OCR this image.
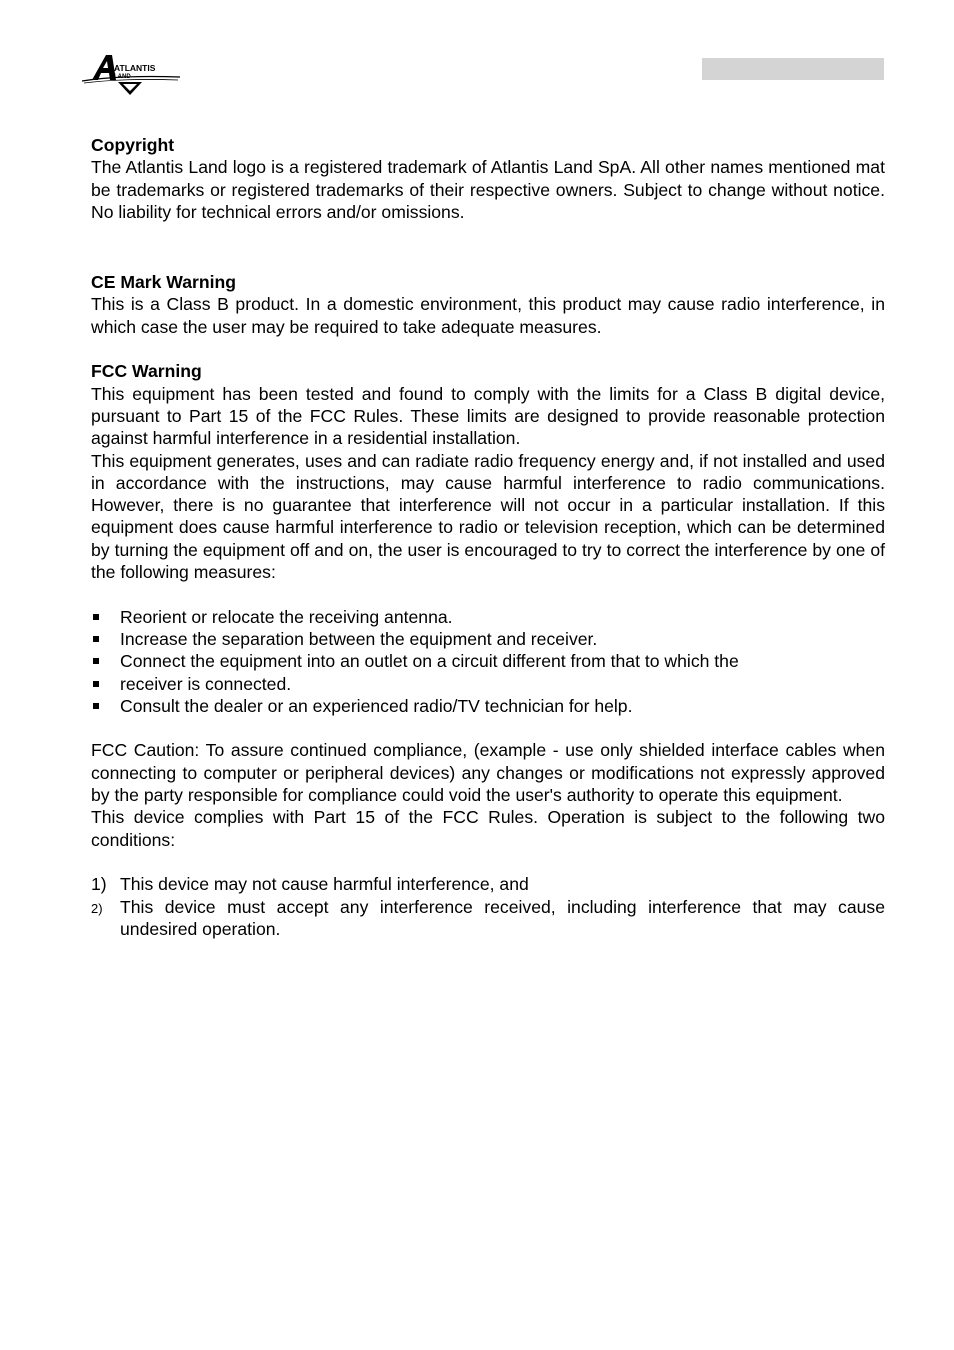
ATLANTIS
LAND
Copyright

The Atlantis Land logo is a registered trademark of Atlantis Land SpA. All other names mentioned mat be trademarks or registered trademarks of their respective owners. Subject to change without notice. No liability for technical errors and/or omissions.

CE Mark Warning

This is a Class B product. In a domestic environment, this product may cause radio interference, in which case the user may be required to take adequate measures.

FCC Warning

This equipment has been tested and found to comply with the limits for a Class B digital device, pursuant to Part 15 of the FCC Rules. These limits are designed to provide reasonable protection against harmful interference in a residential installation.

This equipment generates, uses and can radiate radio frequency energy and, if not installed and used in accordance with the instructions, may cause harmful interference to radio communications. However, there is no guarantee that interference will not occur in a particular installation. If this equipment does cause harmful interference to radio or television reception, which can be determined by turning the equipment off and on, the user is encouraged to try to correct the interference by one of the following measures:

Reorient or relocate the receiving antenna.
Increase the separation between the equipment and receiver.
Connect the equipment into an outlet on a circuit different from that to which the
receiver is connected.
Consult the dealer or an experienced radio/TV technician for help.

FCC Caution: To assure continued compliance, (example - use only shielded interface cables when connecting to computer or peripheral devices) any changes or modifications not expressly approved by the party responsible for compliance could void the user's authority to operate this equipment.

This device complies with Part 15 of the FCC Rules. Operation is subject to the following two conditions:

1) This device may not cause harmful interference, and
2) This device must accept any interference received, including interference that may cause undesired operation.
